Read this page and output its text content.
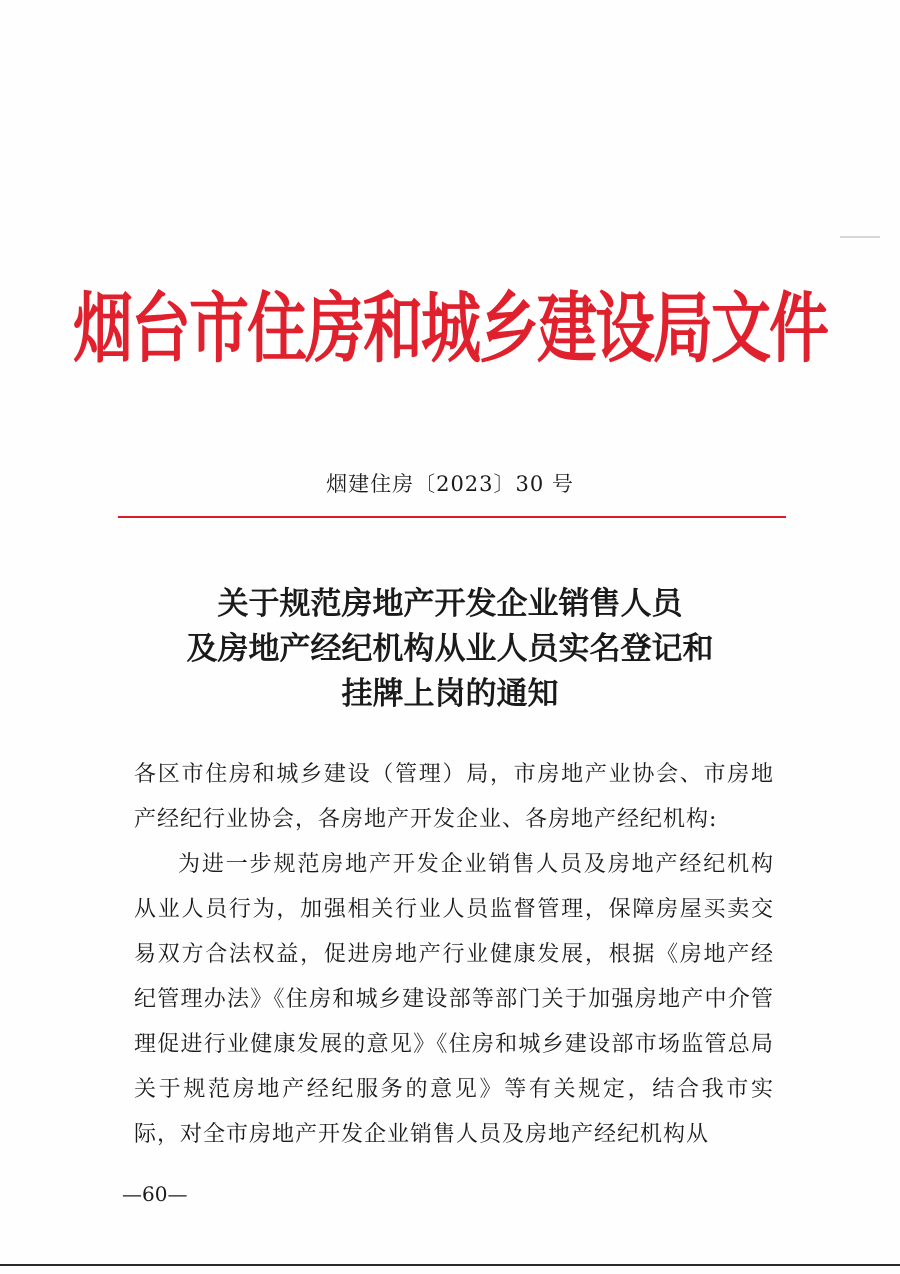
烟台市住房和城乡建设局文件
烟建住房〔2023〕30 号
关于规范房地产开发企业销售人员
及房地产经纪机构从业人员实名登记和
挂牌上岗的通知

各区市住房和城乡建设（管理）局，市房地产业协会、市房地产经纪行业协会，各房地产开发企业、各房地产经纪机构:

为进一步规范房地产开发企业销售人员及房地产经纪机构从业人员行为，加强相关行业人员监督管理，保障房屋买卖交易双方合法权益，促进房地产行业健康发展，根据《房地产经纪管理办法》《住房和城乡建设部等部门关于加强房地产中介管理促进行业健康发展的意见》《住房和城乡建设部市场监管总局关于规范房地产经纪服务的意见》等有关规定，结合我市实际，对全市房地产开发企业销售人员及房地产经纪机构从

—60—
